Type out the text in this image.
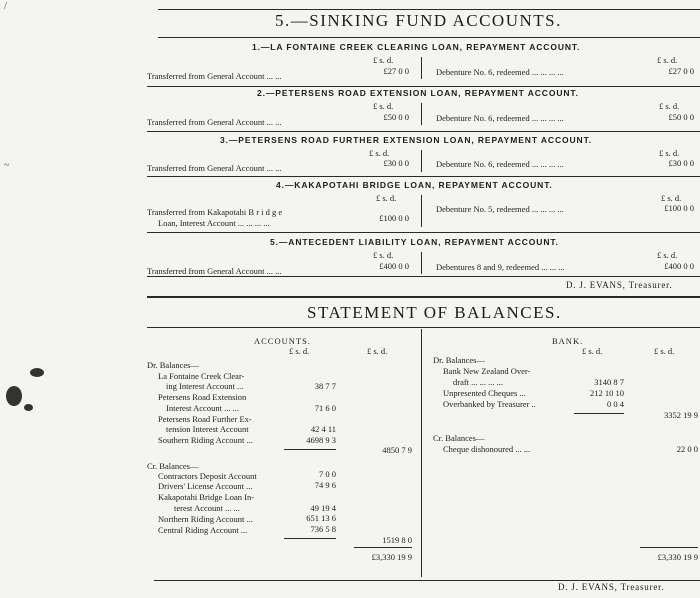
/
~
5.—SINKING FUND ACCOUNTS.
1.—LA FONTAINE CREEK CLEARING LOAN, REPAYMENT ACCOUNT.
£ s. d.	£ s. d.
Transferred from General Account ... ...	£27 0 0	Debenture No. 6, redeemed ... ... ... ...	£27 0 0
2.—PETERSENS ROAD EXTENSION LOAN, REPAYMENT ACCOUNT.
£ s. d.	£ s. d.
Transferred from General Account ... ...	£50 0 0	Debenture No. 6, redeemed ... ... ... ...	£50 0 0
3.—PETERSENS ROAD FURTHER EXTENSION LOAN, REPAYMENT ACCOUNT.
£ s. d.	£ s. d.
Transferred from General Account ... ...	£30 0 0	Debenture No. 6, redeemed ... ... ... ...	£30 0 0
4.—KAKAPOTAHI BRIDGE LOAN, REPAYMENT ACCOUNT.
£ s. d.	£ s. d.
Transferred from Kakapotahi B r i d g e
Loan, Interest Account ... ... ... ...	£100 0 0
Debenture No. 5, redeemed ... ... ... ...	£100 0 0
5.—ANTECEDENT LIABILITY LOAN, REPAYMENT ACCOUNT.
£ s. d.	£ s. d.
Transferred from General Account ... ...	£400 0 0	Debentures 8 and 9, redeemed ... ... ...	£400 0 0
D. J. EVANS, Treasurer.
STATEMENT OF BALANCES.
ACCOUNTS.
£ s. d.	£ s. d.
Dr. Balances—
La Fontaine Creek Clear-
ing Interest Account ...	38 7 7
Petersens Road Extension
Interest Account ... ...	71 6 0
Petersens Road Further Ex-
tension Interest Account	42 4 11
Southern Riding Account ...	4698 9 3
4850 7 9
Cr. Balances—
Contractors Deposit Account	7 0 0
Drivers' License Account ...	74 9 6
Kakapotahi Bridge Loan In-
terest Account ... ...	49 19 4
Northern Riding Account ...	651 13 6
Central Riding Account ...	736 5 8
1519 8 0
£3,330 19 9
BANK.
£ s. d.	£ s. d.
Dr. Balances—
Bank New Zealand Over-
draft ... ... ... ...	3140 8 7
Unpresented Cheques ...	212 10 10
Overbanked by Treasurer ..	0 0 4
3352 19 9
Cr. Balances—
Cheque dishonoured ... ...	22 0 0
£3,330 19 9
D. J. EVANS, Treasurer.
